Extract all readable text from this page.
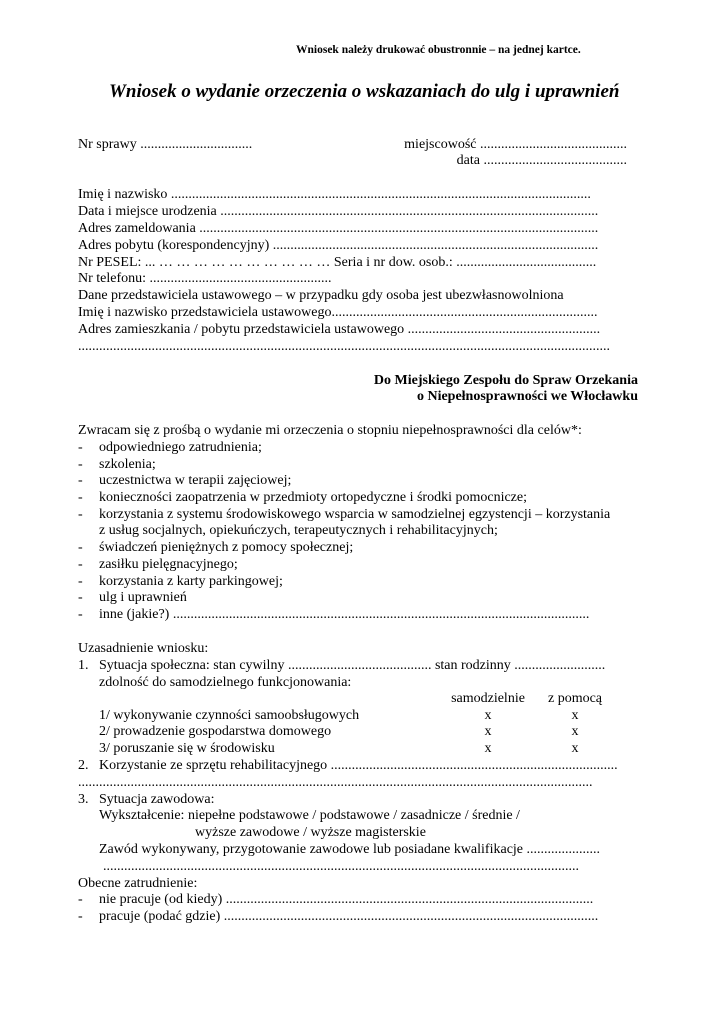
Wniosek należy drukować obustronnie – na jednej kartce.
Wniosek o wydanie orzeczenia o wskazaniach do ulg i uprawnień
Nr sprawy ................................	miejscowość ..........................................
data .........................................
Imię i nazwisko ........................................................................................................................
Data i miejsce urodzenia ............................................................................................................
Adres zameldowania ..................................................................................................................
Adres pobytu (korespondencyjny) .............................................................................................
Nr PESEL: ... … … … … … … … … … … Seria i nr dow. osob.: ........................................
Nr telefonu: ....................................................
Dane przedstawiciela ustawowego – w przypadku gdy osoba jest ubezwłasnowolniona
Imię i nazwisko przedstawiciela ustawowego............................................................................
Adres zamieszkania / pobytu przedstawiciela ustawowego .......................................................
........................................................................................................................................................
Do Miejskiego Zespołu do Spraw Orzekania
o Niepełnosprawności we Włocławku
Zwracam się z prośbą o wydanie mi orzeczenia o stopniu niepełnosprawności dla celów*:
- odpowiedniego zatrudnienia;
- szkolenia;
- uczestnictwa w terapii zajęciowej;
- konieczności zaopatrzenia w przedmioty ortopedyczne i środki pomocnicze;
- korzystania z systemu środowiskowego wsparcia w samodzielnej egzystencji – korzystania
z usług socjalnych, opiekuńczych, terapeutycznych i rehabilitacyjnych;
- świadczeń pieniężnych z pomocy społecznej;
- zasiłku pielęgnacyjnego;
- korzystania z karty parkingowej;
- ulg i uprawnień
- inne (jakie?) .......................................................................................................................
Uzasadnienie wniosku:
1. Sytuacja społeczna: stan cywilny ......................................... stan rodzinny ..........................
zdolność do samodzielnego funkcjonowania:
samodzielnie	z pomocą
1/ wykonywanie czynności samoobsługowych	x	x
2/ prowadzenie gospodarstwa domowego	x	x
3/ poruszanie się w środowisku	x	x
2. Korzystanie ze sprzętu rehabilitacyjnego ..................................................................................
...................................................................................................................................................
3. Sytuacja zawodowa:
Wykształcenie: niepełne podstawowe / podstawowe / zasadnicze / średnie /
wyższe zawodowe / wyższe magisterskie
Zawód wykonywany, przygotowanie zawodowe lub posiadane kwalifikacje .....................
........................................................................................................................................
Obecne zatrudnienie:
- nie pracuje (od kiedy) .........................................................................................................
- pracuje (podać gdzie) ...........................................................................................................
